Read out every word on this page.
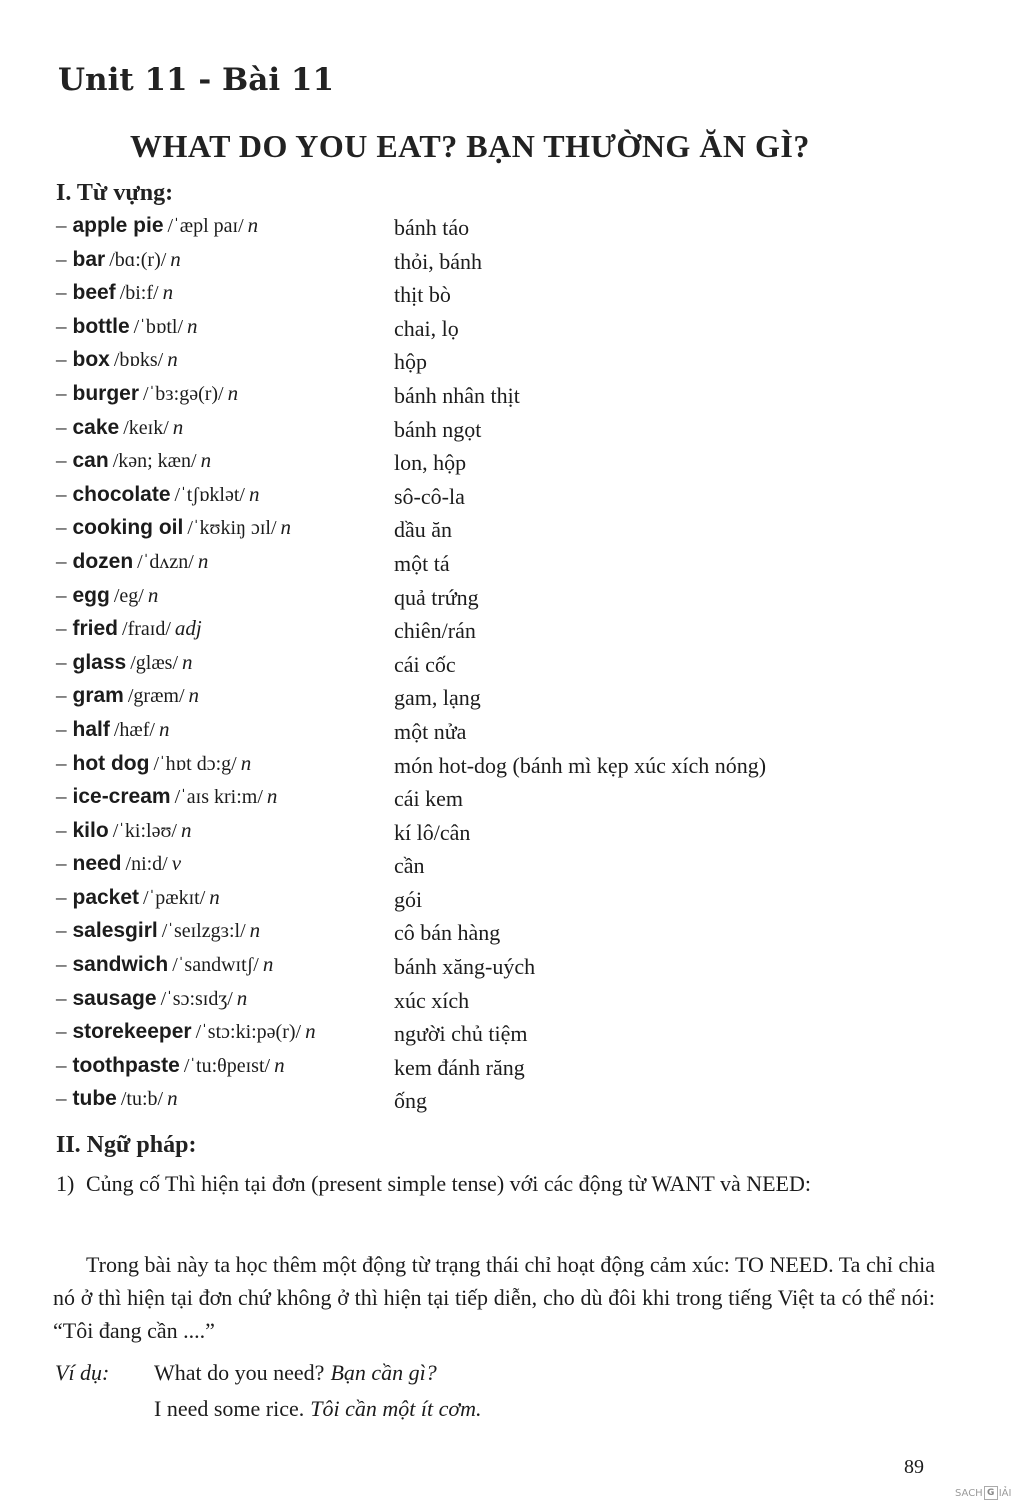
Unit 11 - Bài 11
WHAT DO YOU EAT? BẠN THƯỜNG ĂN GÌ?
I. Từ vựng:
– apple pie /ˈæpl paɪ/ n	bánh táo
– bar /bɑ:(r)/ n	thỏi, bánh
– beef /bi:f/ n	thịt bò
– bottle /ˈbɒtl/ n	chai, lọ
– box /bɒks/ n	hộp
– burger /ˈbɜ:gə(r)/ n	bánh nhân thịt
– cake /keɪk/ n	bánh ngọt
– can /kən; kæn/ n	lon, hộp
– chocolate /ˈtʃɒklət/ n	sô-cô-la
– cooking oil /ˈkʊkiŋ ɔɪl/ n	dầu ăn
– dozen /ˈdʌzn/ n	một tá
– egg /eg/ n	quả trứng
– fried /fraɪd/ adj	chiên/rán
– glass /glæs/ n	cái cốc
– gram /græm/ n	gam, lạng
– half /hæf/ n	một nửa
– hot dog /ˈhɒt dɔ:g/ n	món hot-dog (bánh mì kẹp xúc xích nóng)
– ice-cream /ˈaɪs kri:m/ n	cái kem
– kilo /ˈki:ləʊ/ n	kí lô/cân
– need /ni:d/ v	cần
– packet /ˈpækɪt/ n	gói
– salesgirl /ˈseɪlzgɜ:l/ n	cô bán hàng
– sandwich /ˈsandwɪtʃ/ n	bánh xăng-uých
– sausage /ˈsɔ:sɪdʒ/ n	xúc xích
– storekeeper /ˈstɔ:ki:pə(r)/ n	người chủ tiệm
– toothpaste /ˈtu:θpeɪst/ n	kem đánh răng
– tube /tu:b/ n	ống
II. Ngữ pháp:
1) Củng cố Thì hiện tại đơn (present simple tense) với các động từ WANT và NEED:
Trong bài này ta học thêm một động từ trạng thái chỉ hoạt động cảm xúc: TO NEED. Ta chỉ chia nó ở thì hiện tại đơn chứ không ở thì hiện tại tiếp diễn, cho dù đôi khi trong tiếng Việt ta có thể nói: “Tôi đang cần ....”
Ví dụ: What do you need? Bạn cần gì?
I need some rice. Tôi cần một ít cơm.
89
SACH G IẢI
